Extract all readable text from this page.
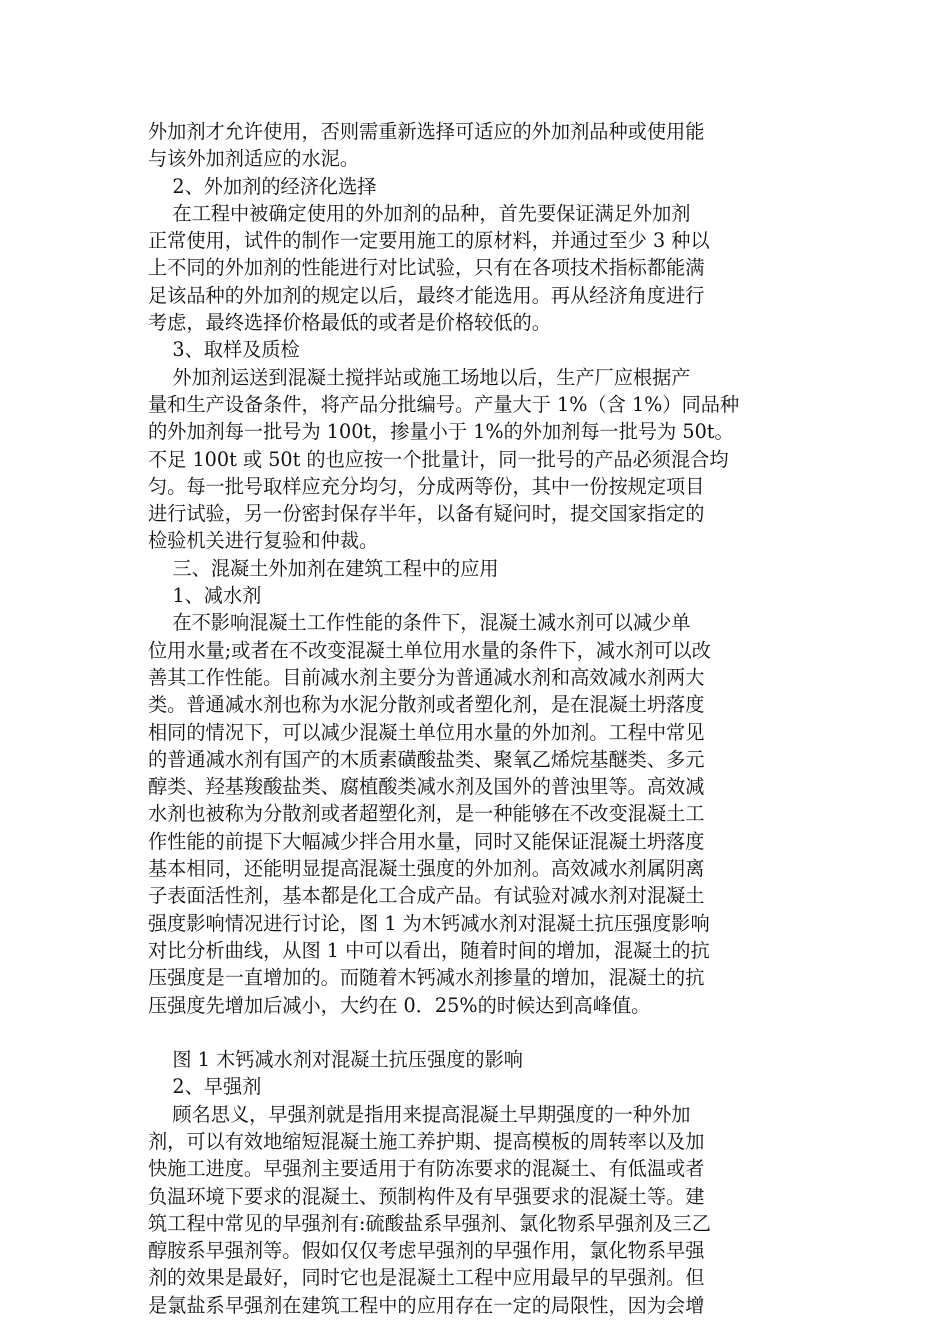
外加剂才允许使用，否则需重新选择可适应的外加剂品种或使用能
与该外加剂适应的水泥。
2、外加剂的经济化选择
在工程中被确定使用的外加剂的品种，首先要保证满足外加剂
正常使用，试件的制作一定要用施工的原材料，并通过至少 3 种以
上不同的外加剂的性能进行对比试验，只有在各项技术指标都能满
足该品种的外加剂的规定以后，最终才能选用。再从经济角度进行
考虑，最终选择价格最低的或者是价格较低的。
3、取样及质检
外加剂运送到混凝土搅拌站或施工场地以后，生产厂应根据产
量和生产设备条件，将产品分批编号。产量大于 1%（含 1%）同品种
的外加剂每一批号为 100t，掺量小于 1%的外加剂每一批号为 50t。
不足 100t 或 50t 的也应按一个批量计，同一批号的产品必须混合均
匀。每一批号取样应充分均匀，分成两等份，其中一份按规定项目
进行试验，另一份密封保存半年，以备有疑问时，提交国家指定的
检验机关进行复验和仲裁。
三、混凝土外加剂在建筑工程中的应用
1、减水剂
在不影响混凝土工作性能的条件下，混凝土减水剂可以减少单
位用水量;或者在不改变混凝土单位用水量的条件下，减水剂可以改
善其工作性能。目前减水剂主要分为普通减水剂和高效减水剂两大
类。普通减水剂也称为水泥分散剂或者塑化剂，是在混凝土坍落度
相同的情况下，可以减少混凝土单位用水量的外加剂。工程中常见
的普通减水剂有国产的木质素磺酸盐类、聚氧乙烯烷基醚类、多元
醇类、羟基羧酸盐类、腐植酸类减水剂及国外的普浊里等。高效减
水剂也被称为分散剂或者超塑化剂，是一种能够在不改变混凝土工
作性能的前提下大幅减少拌合用水量，同时又能保证混凝土坍落度
基本相同，还能明显提高混凝土强度的外加剂。高效减水剂属阴离
子表面活性剂，基本都是化工合成产品。有试验对减水剂对混凝土
强度影响情况进行讨论，图 1 为木钙减水剂对混凝土抗压强度影响
对比分析曲线，从图 1 中可以看出，随着时间的增加，混凝土的抗
压强度是一直增加的。而随着木钙减水剂掺量的增加，混凝土的抗
压强度先增加后减小，大约在 0．25%的时候达到高峰值。
图 1 木钙减水剂对混凝土抗压强度的影响
2、早强剂
顾名思义，早强剂就是指用来提高混凝土早期强度的一种外加
剂，可以有效地缩短混凝土施工养护期、提高模板的周转率以及加
快施工进度。早强剂主要适用于有防冻要求的混凝土、有低温或者
负温环境下要求的混凝土、预制构件及有早强要求的混凝土等。建
筑工程中常见的早强剂有:硫酸盐系早强剂、氯化物系早强剂及三乙
醇胺系早强剂等。假如仅仅考虑早强剂的早强作用，氯化物系早强
剂的效果是最好，同时它也是混凝土工程中应用最早的早强剂。但
是氯盐系早强剂在建筑工程中的应用存在一定的局限性，因为会增
